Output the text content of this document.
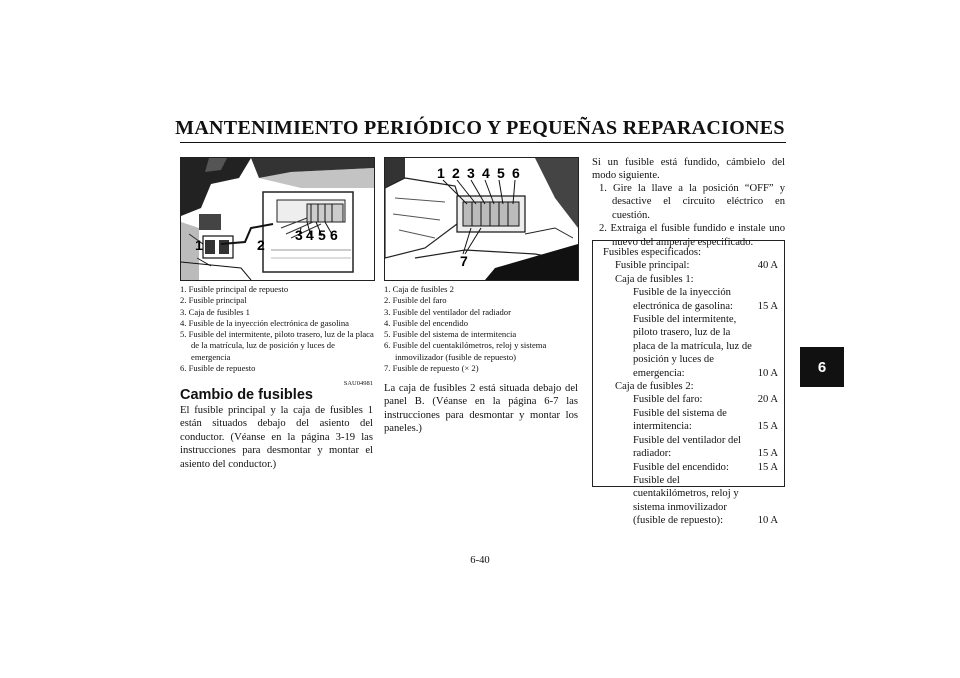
MANTENIMIENTO PERIÓDICO Y PEQUEÑAS REPARACIONES
6
1	2
3 4 5 6
1 2 3 4 5 6
7
1. Fusible principal de repuesto
2. Fusible principal
3. Caja de fusibles 1
4. Fusible de la inyección electrónica de gasolina
5. Fusible del intermitente, piloto trasero, luz de la placa de la matrícula, luz de posición y luces de emergencia
6. Fusible de repuesto
SAU04981
Cambio de fusibles

El fusible principal y la caja de fusibles 1 están situados debajo del asiento del conductor. (Véanse en la página 3-19 las instrucciones para desmontar y montar el asiento del conductor.)

1. Caja de fusibles 2
2. Fusible del faro
3. Fusible del ventilador del radiador
4. Fusible del encendido
5. Fusible del sistema de intermitencia
6. Fusible del cuentakilómetros, reloj y sistema inmovilizador (fusible de repuesto)
7. Fusible de repuesto (× 2)

La caja de fusibles 2 está situada debajo del panel B. (Véanse en la página 6-7 las instrucciones para desmontar y montar los paneles.)

Si un fusible está fundido, cámbielo del modo siguiente.

1. Gire la llave a la posición “OFF” y desactive el circuito eléctrico en cuestión.
2. Extraiga el fusible fundido e instale uno nuevo del amperaje especificado.
Fusibles especificados:
Fusible principal:	40 A
Caja de fusibles 1:
Fusible de la inyección electrónica de gasolina:	15 A
Fusible del intermitente, piloto trasero, luz de la placa de la matrícula, luz de posición y luces de emergencia:	10 A
Caja de fusibles 2:
Fusible del faro:	20 A
Fusible del sistema de intermitencia:	15 A
Fusible del ventilador del radiador:	15 A
Fusible del encendido:	15 A
Fusible del cuentakilómetros, reloj y sistema inmovilizador (fusible de repuesto):	10 A
6-40
